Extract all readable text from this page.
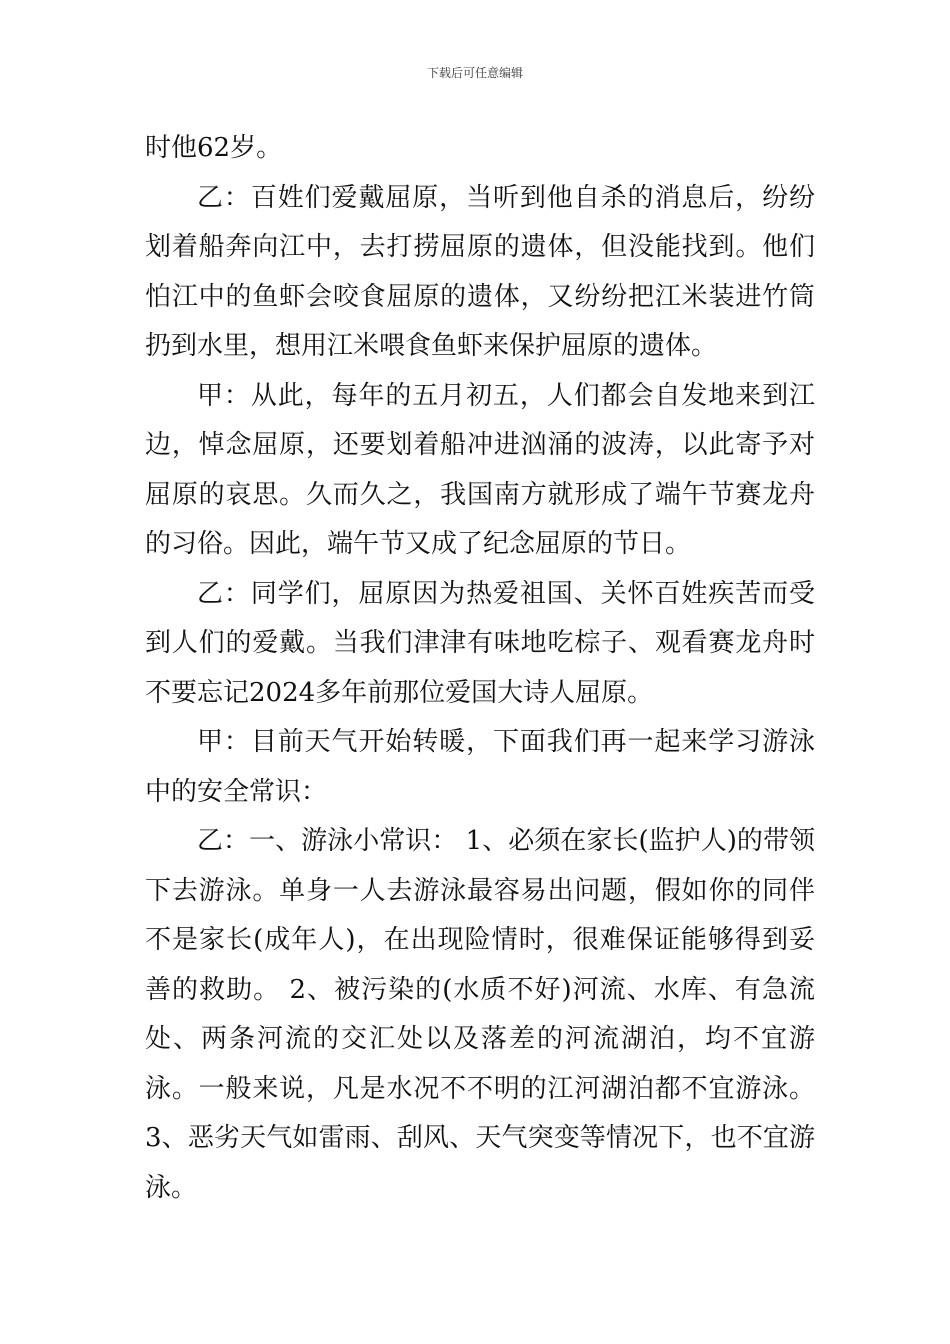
下载后可任意编辑

时他62岁。

乙：百姓们爱戴屈原，当听到他自杀的消息后，纷纷划着船奔向江中，去打捞屈原的遗体，但没能找到。他们怕江中的鱼虾会咬食屈原的遗体，又纷纷把江米装进竹筒扔到水里，想用江米喂食鱼虾来保护屈原的遗体。

甲：从此，每年的五月初五，人们都会自发地来到江边，悼念屈原，还要划着船冲进汹涌的波涛，以此寄予对屈原的哀思。久而久之，我国南方就形成了端午节赛龙舟的习俗。因此，端午节又成了纪念屈原的节日。

乙：同学们，屈原因为热爱祖国、关怀百姓疾苦而受到人们的爱戴。当我们津津有味地吃棕子、观看赛龙舟时不要忘记2024多年前那位爱国大诗人屈原。

甲：目前天气开始转暖，下面我们再一起来学习游泳中的安全常识：

乙：一、游泳小常识： 1、必须在家长(监护人)的带领下去游泳。单身一人去游泳最容易出问题，假如你的同伴不是家长(成年人)，在出现险情时，很难保证能够得到妥善的救助。 2、被污染的(水质不好)河流、水库、有急流处、两条河流的交汇处以及落差的河流湖泊，均不宜游泳。一般来说，凡是水况不不明的江河湖泊都不宜游泳。3、恶劣天气如雷雨、刮风、天气突变等情况下，也不宜游泳。
